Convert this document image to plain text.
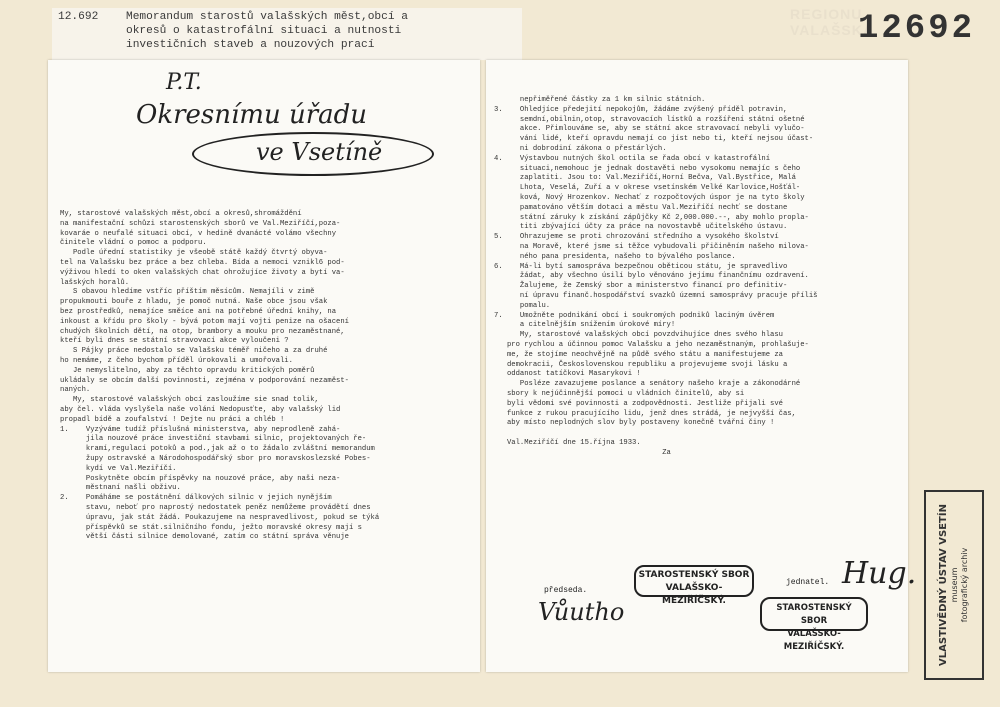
REGIONU
VALAŠSKA
12.692 Memorandum starostů valašských měst,obcí a
okresů o katastrofální situaci a nutnosti
investičních staveb a nouzových prací	12692
P.T.
Okresnímu úřadu
ve Vsetíně
My, starostové valašských měst,obcí a okresů,shromáždění
na manifestační schůzi starostenských sborů ve Val.Meziříčí,poza-
kovaráe o neufalé situaci obcí, v hedině dvanácté volámo všechny
činitele vládní o pomoc a podporu.
Podle úřední statistiky je všeobě státě každý čtvrtý obyva-
tel na Valašsku bez práce a bez chleba. Bída a nemoci vznikl6 pod-
výživou hledí to oken valašských chat ohrožujíce životy a bytí va-
lašských horalů.
S obavou hledíme vstříc příštím měsícům. Nemajíli v zimě
propukmouti bouře z hladu, je pomoč nutná. Naše obce jsou však
bez prostředků, nemajíce směíce ani na potřebné úřední knihy, na
inkoust a křídu pro školy - bývá potom mají vojti penize na ošacení
chudých školních dětí, na otop, brambory a mouku pro nezaměstnané,
kteří byli dnes se státní stravovací akce vyloučeni ?
S Pájky práce nedostalo se Valašsku téměř ničeho a za druhé
ho nemáme, z čeho bychom příděl úrokovali a umořovali.
Je nemyslitelno, aby za těchto opravdu kritických poměrů
ukládaly se obcím další povinnosti, zejména v podporování nezaměst-
naných.
My, starostové valašských obcí zasloužíme sie snad tolik,
aby čel. vláda vyslyšela naše volání Nedopusťte, aby valašský lid
propadl bídě a zoufalství ! Dejte nu práci a chléb !
1.    Vyzýváme tudíž příslušná ministerstva, aby neprodleně zahá-
jila nouzové práce investiční stavbami silnic, projektovaných ře-
kramí,regulací potoků a pod.,jak až o to žádalo zvláštní memorandum
župy ostravské a Národohospodářský sbor pro moravskoslezské Pobes-
kydí ve Val.Meziříčí.
Poskytněte obcím příspěvky na nouzové práce, aby naši neza-
městnaní našli obživu.
2.    Pomáháme se postátnění dálkových silnic v jejich nynějším
stavu, neboť pro naprostý nedostatek peněz nemůžeme provádětí dnes
úpravu, jak stát žádá. Poukazujeme na nespravedlivost, pokud se týká
příspěvků se stát.silničního fondu, ježto moravské okresy mají s
větší části silnice demolované, zatím co státní správa věnuje
nepřiměřené částky za 1 km silnic státních.
3.    Ohledjíce předejití nepokojům, žádáme zvýšený příděl potravin,
semdní,obilnin,otop, stravovacích lístků a rozšíření státní ošetné
akce. Přimlouváme se, aby se státní akce stravovací nebyli vylučo-
vání lidé, kteří opravdu nemají co jíst nebo ti, kteří nejsou účast-
ni dobrodiní zákona o přestárlých.
4.    Výstavbou nutných škol octila se řada obcí v katastrofální
situaci,nemohouc je jednak dostavěti nebo vysokomu nemajíc s čeho
zaplatiti. Jsou to: Val.Meziříčí,Horní Bečva, Val.Bystřice, Malá
Lhota, Veselá, Zuří a v okrese vsetínském Velké Karlovice,Hošťál-
ková, Nový Hrozenkov. Nechať z rozpočtových úspor je na tyto školy
pamatováno větším dotaci a městu Val.Meziříčí nechť se dostane
státní záruky k získání zápůjčky Kč 2,000.000.--, aby mohlo propla-
titi zbývající účty za práce na novostavbě učitelského ústavu.
5.    Ohrazujeme se proti chrozování středního a vysokého školství
na Moravě, které jsme si těžce vybudovali přičiněním našeho milova-
ného pana presidenta, našeho to bývalého poslance.
6.    Má-li bytí samospráva bezpečnou oběticou státu, je spravedlivo
žádat, aby všechno úsilí bylo věnováno jejímu finančnímu ozdravení.
Žalujeme, že Zemský sbor a ministerstvo financí pro definitiv-
ní úpravu finanč.hospodářství svazků územní samosprávy pracuje příliš
pomalu.
7.    Umožněte podnikání obcí i soukromých podniků laciným úvěrem
a citelnějším snížením úrokové míry!
My, starostové valašských obcí povzdvihujíce dnes svého hlasu
pro rychlou a účinnou pomoc Valašsku a jeho nezaměstnaným, prohlašuje-
me, že stojíme neochvějně na půdě svého státu a manifestujeme za
demokracii, Československou republiku a projevujeme svoji lásku a
oddanost tatíčkovi Masarykovi !
Posléze zavazujeme poslance a senátory našeho kraje a zákonodárné
sbory k nejúčinnější pomoci u vládních činitelů, aby si
byli vědomi své povinnosti a zodpovědnosti. Jestliže přijali své
funkce z rukou pracujícího lidu, jenž dnes strádá, je nejvyšší čas,
aby místo neplodných slov byly postaveny konečně tvářní činy !
Val.Meziříčí dne 15.října 1933.
Za
předseda.
Vůutho
STAROSTENSKÝ SBOR
VALAŠSKO-MEZIŘÍČSKÝ.
jednatel. Hug.
STAROSTENSKÝ SBOR
VALAŠSKO-MEZIŘÍČSKÝ.	VLASTIVĚDNÝ ÚSTAV VSETÍN museum fotografický archiv
